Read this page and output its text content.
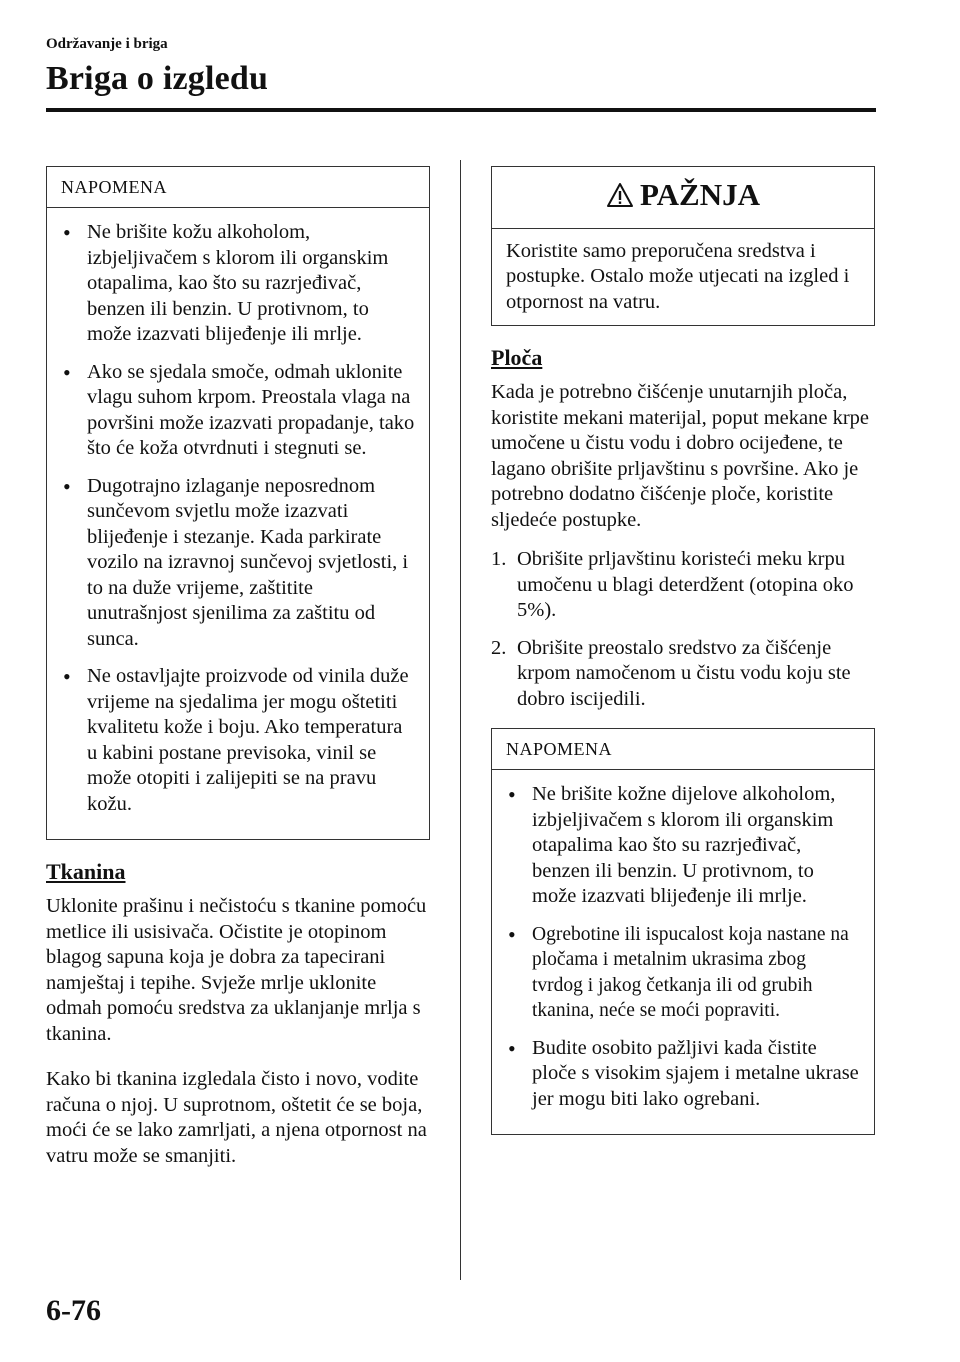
Održavanje i briga
Briga o izgledu
NAPOMENA
• Ne brišite kožu alkoholom, izbjeljivačem s klorom ili organskim otapalima, kao što su razrjeđivač, benzen ili benzin. U protivnom, to može izazvati blijeđenje ili mrlje.
• Ako se sjedala smoče, odmah uklonite vlagu suhom krpom. Preostala vlaga na površini može izazvati propadanje, tako što će koža otvrdnuti i stegnuti se.
• Dugotrajno izlaganje neposrednom sunčevom svjetlu može izazvati blijeđenje i stezanje. Kada parkirate vozilo na izravnoj sunčevoj svjetlosti, i to na duže vrijeme, zaštitite unutrašnjost sjenilima za zaštitu od sunca.
• Ne ostavljajte proizvode od vinila duže vrijeme na sjedalima jer mogu oštetiti kvalitetu kože i boju. Ako temperatura u kabini postane previsoka, vinil se može otopiti i zalijepiti se na pravu kožu.
Tkanina

Uklonite prašinu i nečistoću s tkanine pomoću metlice ili usisivača. Očistite je otopinom blagog sapuna koja je dobra za tapecirani namještaj i tepihe. Svježe mrlje uklonite odmah pomoću sredstva za uklanjanje mrlja s tkanina.

Kako bi tkanina izgledala čisto i novo, vodite računa o njoj. U suprotnom, oštetit će se boja, moći će se lako zamrljati, a njena otpornost na vatru može se smanjiti.

PAŽNJA
Koristite samo preporučena sredstva i postupke. Ostalo može utjecati na izgled i otpornost na vatru.
Ploča

Kada je potrebno čišćenje unutarnjih ploča, koristite mekani materijal, poput mekane krpe umočene u čistu vodu i dobro ocijeđene, te lagano obrišite prljavštinu s površine. Ako je potrebno dodatno čišćenje ploče, koristite sljedeće postupke.

1. Obrišite prljavštinu koristeći meku krpu umočenu u blagi deterdžent (otopina oko 5%).
2. Obrišite preostalo sredstvo za čišćenje krpom namočenom u čistu vodu koju ste dobro iscijedili.
NAPOMENA
• Ne brišite kožne dijelove alkoholom, izbjeljivačem s klorom ili organskim otapalima kao što su razrjeđivač, benzen ili benzin. U protivnom, to može izazvati blijeđenje ili mrlje.
• Ogrebotine ili ispucalost koja nastane na pločama i metalnim ukrasima zbog tvrdog i jakog četkanja ili od grubih tkanina, neće se moći popraviti.
• Budite osobito pažljivi kada čistite ploče s visokim sjajem i metalne ukrase jer mogu biti lako ogrebani.
6-76
